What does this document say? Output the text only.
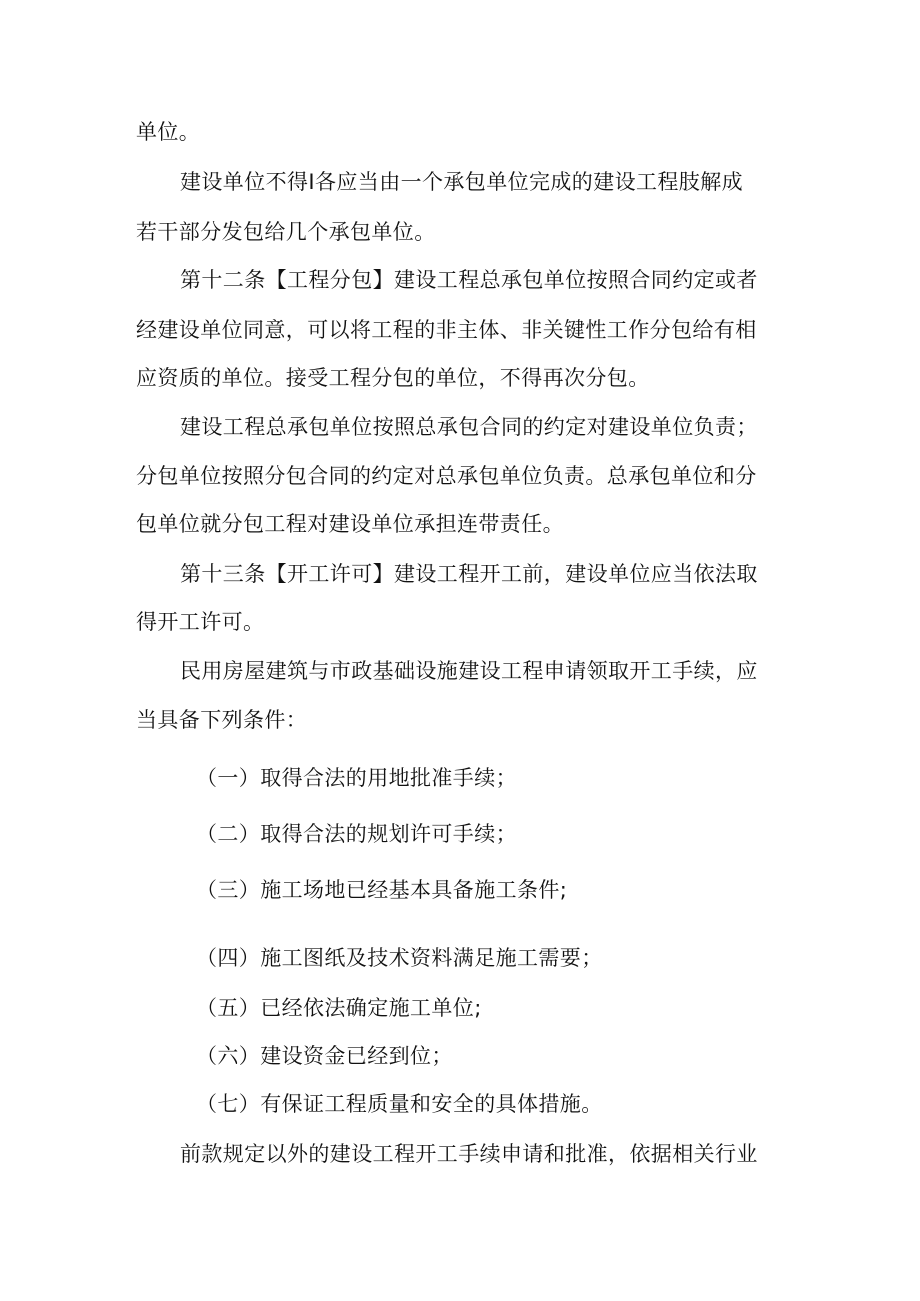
单位。
建设单位不得Ⅰ各应当由一个承包单位完成的建设工程肢解成
若干部分发包给几个承包单位。
第十二条【工程分包】建设工程总承包单位按照合同约定或者
经建设单位同意，可以将工程的非主体、非关键性工作分包给有相
应资质的单位。接受工程分包的单位，不得再次分包。
建设工程总承包单位按照总承包合同的约定对建设单位负责；
分包单位按照分包合同的约定对总承包单位负责。总承包单位和分
包单位就分包工程对建设单位承担连带责任。
第十三条【开工许可】建设工程开工前，建设单位应当依法取
得开工许可。
民用房屋建筑与市政基础设施建设工程申请领取开工手续，应
当具备下列条件：
（一）取得合法的用地批准手续；
（二）取得合法的规划许可手续；
（三）施工场地已经基本具备施工条件;
（四）施工图纸及技术资料满足施工需要；
（五）已经依法确定施工单位;
（六）建设资金已经到位；
（七）有保证工程质量和安全的具体措施。
前款规定以外的建设工程开工手续申请和批准，依据相关行业
